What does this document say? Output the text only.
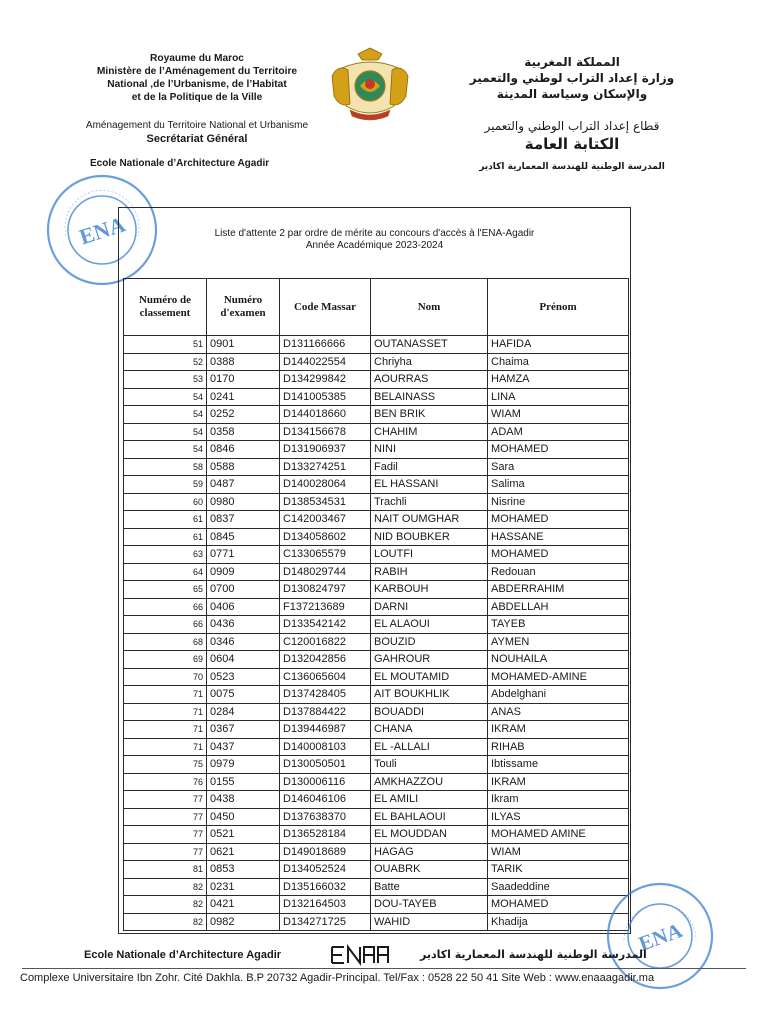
Royaume du Maroc
Ministère de l’Aménagement du Territoire
National ,de l’Urbanisme, de l’Habitat
et de la Politique de la Ville
Aménagement du Territoire National et Urbanisme
Secrétariat Général
Ecole Nationale d’Architecture Agadir
المملكة المغربية
وزارة إعداد التراب لوطني والتعمير
والإسكان وسياسة المدينة
قطاع إعداد التراب الوطني والتعمير
الكتابة العامة
المدرسة الوطنية للهندسة المعمارية اكادير
ENA	Liste d'attente 2 par ordre de mérite au concours d'accès à l'ENA-Agadir
Année Académique 2023-2024
Numéro de classement	Numéro d'examen	Code Massar	Nom	Prénom
51	0901	D131166666	OUTANASSET	HAFIDA
52	0388	D144022554	Chriyha	Chaima
53	0170	D134299842	AOURRAS	HAMZA
54	0241	D141005385	BELAINASS	LINA
54	0252	D144018660	BEN BRIK	WIAM
54	0358	D134156678	CHAHIM	ADAM
54	0846	D131906937	NINI	MOHAMED
58	0588	D133274251	Fadil	Sara
59	0487	D140028064	EL HASSANI	Salima
60	0980	D138534531	Trachli	Nisrine
61	0837	C142003467	NAIT OUMGHAR	MOHAMED
61	0845	D134058602	NID BOUBKER	HASSANE
63	0771	C133065579	LOUTFI	MOHAMED
64	0909	D148029744	RABIH	Redouan
65	0700	D130824797	KARBOUH	ABDERRAHIM
66	0406	F137213689	DARNI	ABDELLAH
66	0436	D133542142	EL ALAOUI	TAYEB
68	0346	C120016822	BOUZID	AYMEN
69	0604	D132042856	GAHROUR	NOUHAILA
70	0523	C136065604	EL MOUTAMID	MOHAMED-AMINE
71	0075	D137428405	AIT BOUKHLIK	Abdelghani
71	0284	D137884422	BOUADDI	ANAS
71	0367	D139446987	CHANA	IKRAM
71	0437	D140008103	EL -ALLALI	RIHAB
75	0979	D130050501	Touli	Ibtissame
76	0155	D130006116	AMKHAZZOU	IKRAM
77	0438	D146046106	EL AMILI	Ikram
77	0450	D137638370	EL BAHLAOUI	ILYAS
77	0521	D136528184	EL MOUDDAN	MOHAMED AMINE
77	0621	D149018689	HAGAG	WIAM
81	0853	D134052524	OUABRK	TARIK
82	0231	D135166032	Batte	Saadeddine
82	0421	D132164503	DOU-TAYEB	MOHAMED
82	0982	D134271725	WAHID	Khadija	ENA
Ecole Nationale d’Architecture Agadir	المدرسة الوطنية للهندسة المعمارية اكادير
Complexe Universitaire Ibn Zohr. Cité Dakhla. B.P 20732 Agadir-Principal. Tel/Fax : 0528 22 50 41 Site Web : www.enaaagadir.ma
